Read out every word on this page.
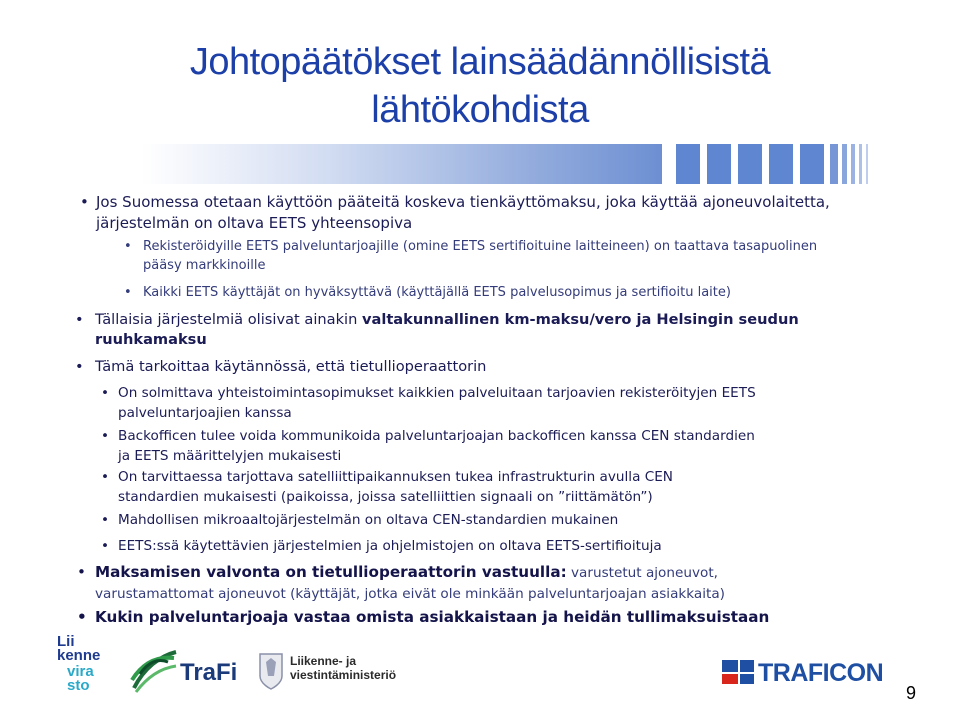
Johtopäätökset lainsäädännöllisistä
lähtökohdista
• Jos Suomessa otetaan käyttöön pääteitä koskeva tienkäyttömaksu, joka käyttää ajoneuvolaitetta, järjestelmän on oltava EETS yhteensopiva
• Rekisteröidyille EETS palveluntarjoajille (omine EETS sertifioituine laitteineen) on taattava tasapuolinen pääsy markkinoille
• Kaikki EETS käyttäjät on hyväksyttävä (käyttäjällä EETS palvelusopimus ja sertifioitu laite)
• Tällaisia järjestelmiä olisivat ainakin valtakunnallinen km-maksu/vero ja Helsingin seudun ruuhkamaksu
• Tämä tarkoittaa käytännössä, että tietullioperaattorin
• On solmittava yhteistoimintasopimukset kaikkien palveluitaan tarjoavien rekisteröityjen EETS palveluntarjoajien kanssa
• Backofficen tulee voida kommunikoida palveluntarjoajan backofficen kanssa CEN standardien ja EETS määrittelyjen mukaisesti
• On tarvittaessa tarjottava satelliittipaikannuksen tukea infrastrukturin avulla CEN standardien mukaisesti (paikoissa, joissa satelliittien signaali on ”riittämätön”)
• Mahdollisen mikroaaltojärjestelmän on oltava CEN-standardien mukainen
• EETS:ssä käytettävien järjestelmien ja ohjelmistojen on oltava EETS-sertifioituja
• Maksamisen valvonta on tietullioperaattorin vastuulla: varustetut ajoneuvot, varustamattomat ajoneuvot (käyttäjät, jotka eivät ole minkään palveluntarjoajan asiakkaita)
• Kukin palveluntarjoaja vastaa omista asiakkaistaan ja heidän tullimaksuistaan
Lii
kenne
vira
sto	TraFi	Liikenne- ja
viestintäministeriö	TRAFICON
9
